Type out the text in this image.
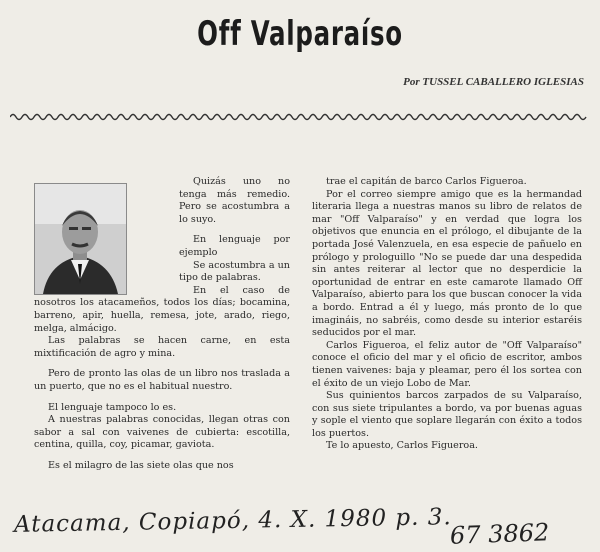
Off Valparaíso
Por TUSSEL CABALLERO IGLESIAS

Quizás uno no tenga más remedio. Pero se acostumbra a lo suyo.

En lenguaje por ejemplo

Se acostumbra a un tipo de palabras.

En el caso de nosotros los atacameños, todos los días; bocamina, barreno, apir, huella, remesa, jote, arado, riego, melga, almácigo.

Las palabras se hacen carne, en esta mixtificación de agro y mina.

Pero de pronto las olas de un libro nos traslada a un puerto, que no es el habitual nuestro.

El lenguaje tampoco lo es.

A nuestras palabras conocidas, llegan otras con sabor a sal con vaivenes de cubierta: escotilla, centina, quilla, coy, picamar, gaviota.

Es el milagro de las siete olas que nos

trae el capitán de barco Carlos Figueroa.

Por el correo siempre amigo que es la hermandad literaria llega a nuestras manos su libro de relatos de mar "Off Valparaíso" y en verdad que logra los objetivos que enuncia en el prólogo, el dibujante de la portada José Valenzuela, en esa especie de pañuelo en prólogo y prologuillo "No se puede dar una despedida sin antes reiterar al lector que no desperdicie la oportunidad de entrar en este camarote llamado Off Valparaíso, abierto para los que buscan conocer la vida a bordo. Entrad a él y luego, más pronto de lo que imagináis, no sabréis, como desde su interior estaréis seducidos por el mar.

Carlos Figueroa, el feliz autor de "Off Valparaíso" conoce el oficio del mar y el oficio de escritor, ambos tienen vaivenes: baja y pleamar, pero él los sortea con el éxito de un viejo Lobo de Mar.

Sus quinientos barcos zarpados de su Valparaíso, con sus siete tripulantes a bordo, va por buenas aguas y sople el viento que soplare llegarán con éxito a todos los puertos.

Te lo apuesto, Carlos Figueroa.

Atacama, Copiapó, 4. X. 1980 p. 3.
67 3862
